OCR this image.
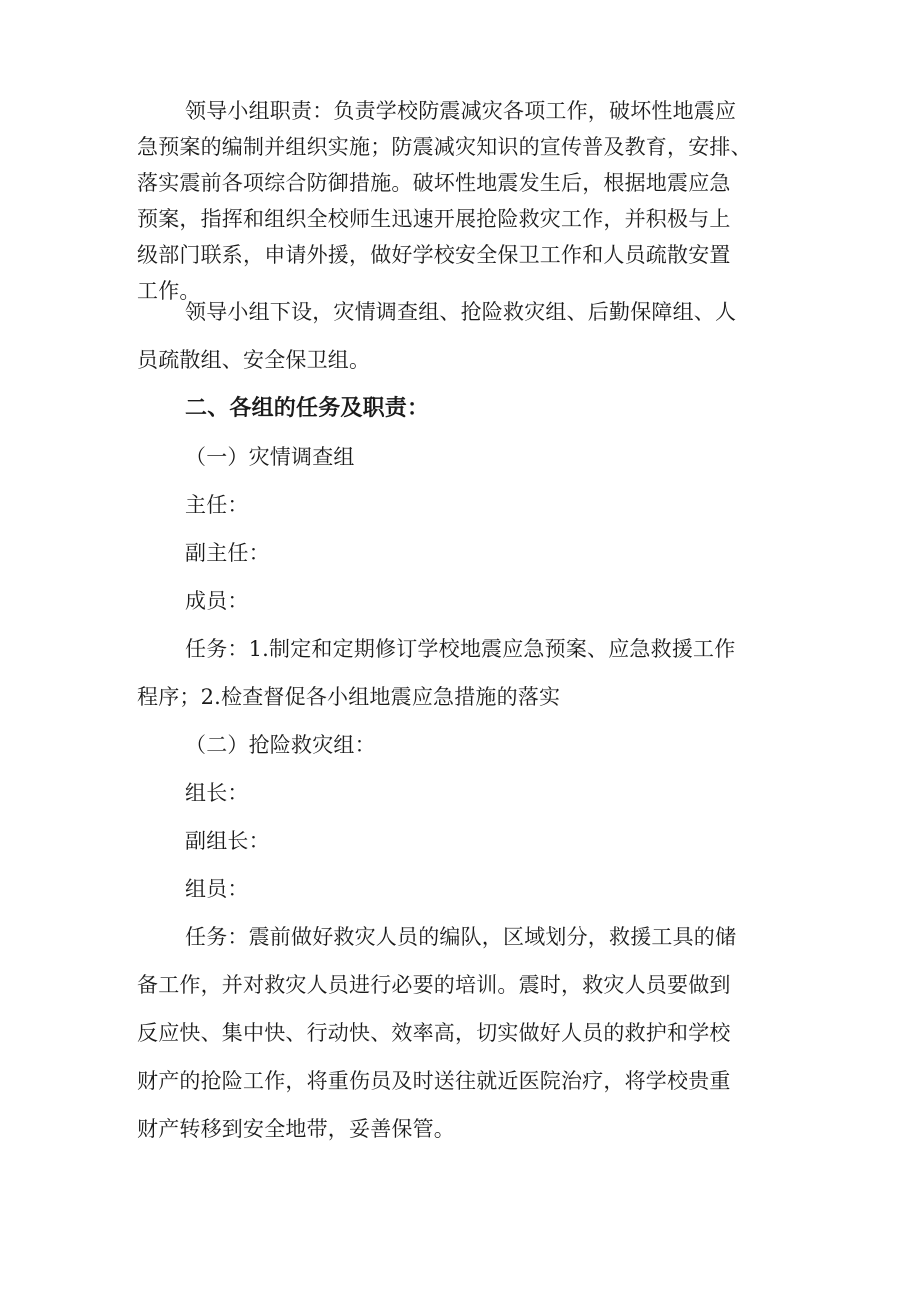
领导小组职责：负责学校防震减灾各项工作，破坏性地震应

急预案的编制并组织实施；防震减灾知识的宣传普及教育，安排、

落实震前各项综合防御措施。破坏性地震发生后，根据地震应急

预案，指挥和组织全校师生迅速开展抢险救灾工作，并积极与上

级部门联系，申请外援，做好学校安全保卫工作和人员疏散安置

工作。

领导小组下设，灾情调查组、抢险救灾组、后勤保障组、人

员疏散组、安全保卫组。

二、各组的任务及职责：

（一）灾情调查组

主任：

副主任：

成员：

任务：1.制定和定期修订学校地震应急预案、应急救援工作

程序；2.检查督促各小组地震应急措施的落实

（二）抢险救灾组：

组长：

副组长：

组员：

任务：震前做好救灾人员的编队，区域划分，救援工具的储

备工作，并对救灾人员进行必要的培训。震时，救灾人员要做到

反应快、集中快、行动快、效率高，切实做好人员的救护和学校

财产的抢险工作，将重伤员及时送往就近医院治疗，将学校贵重

财产转移到安全地带，妥善保管。
